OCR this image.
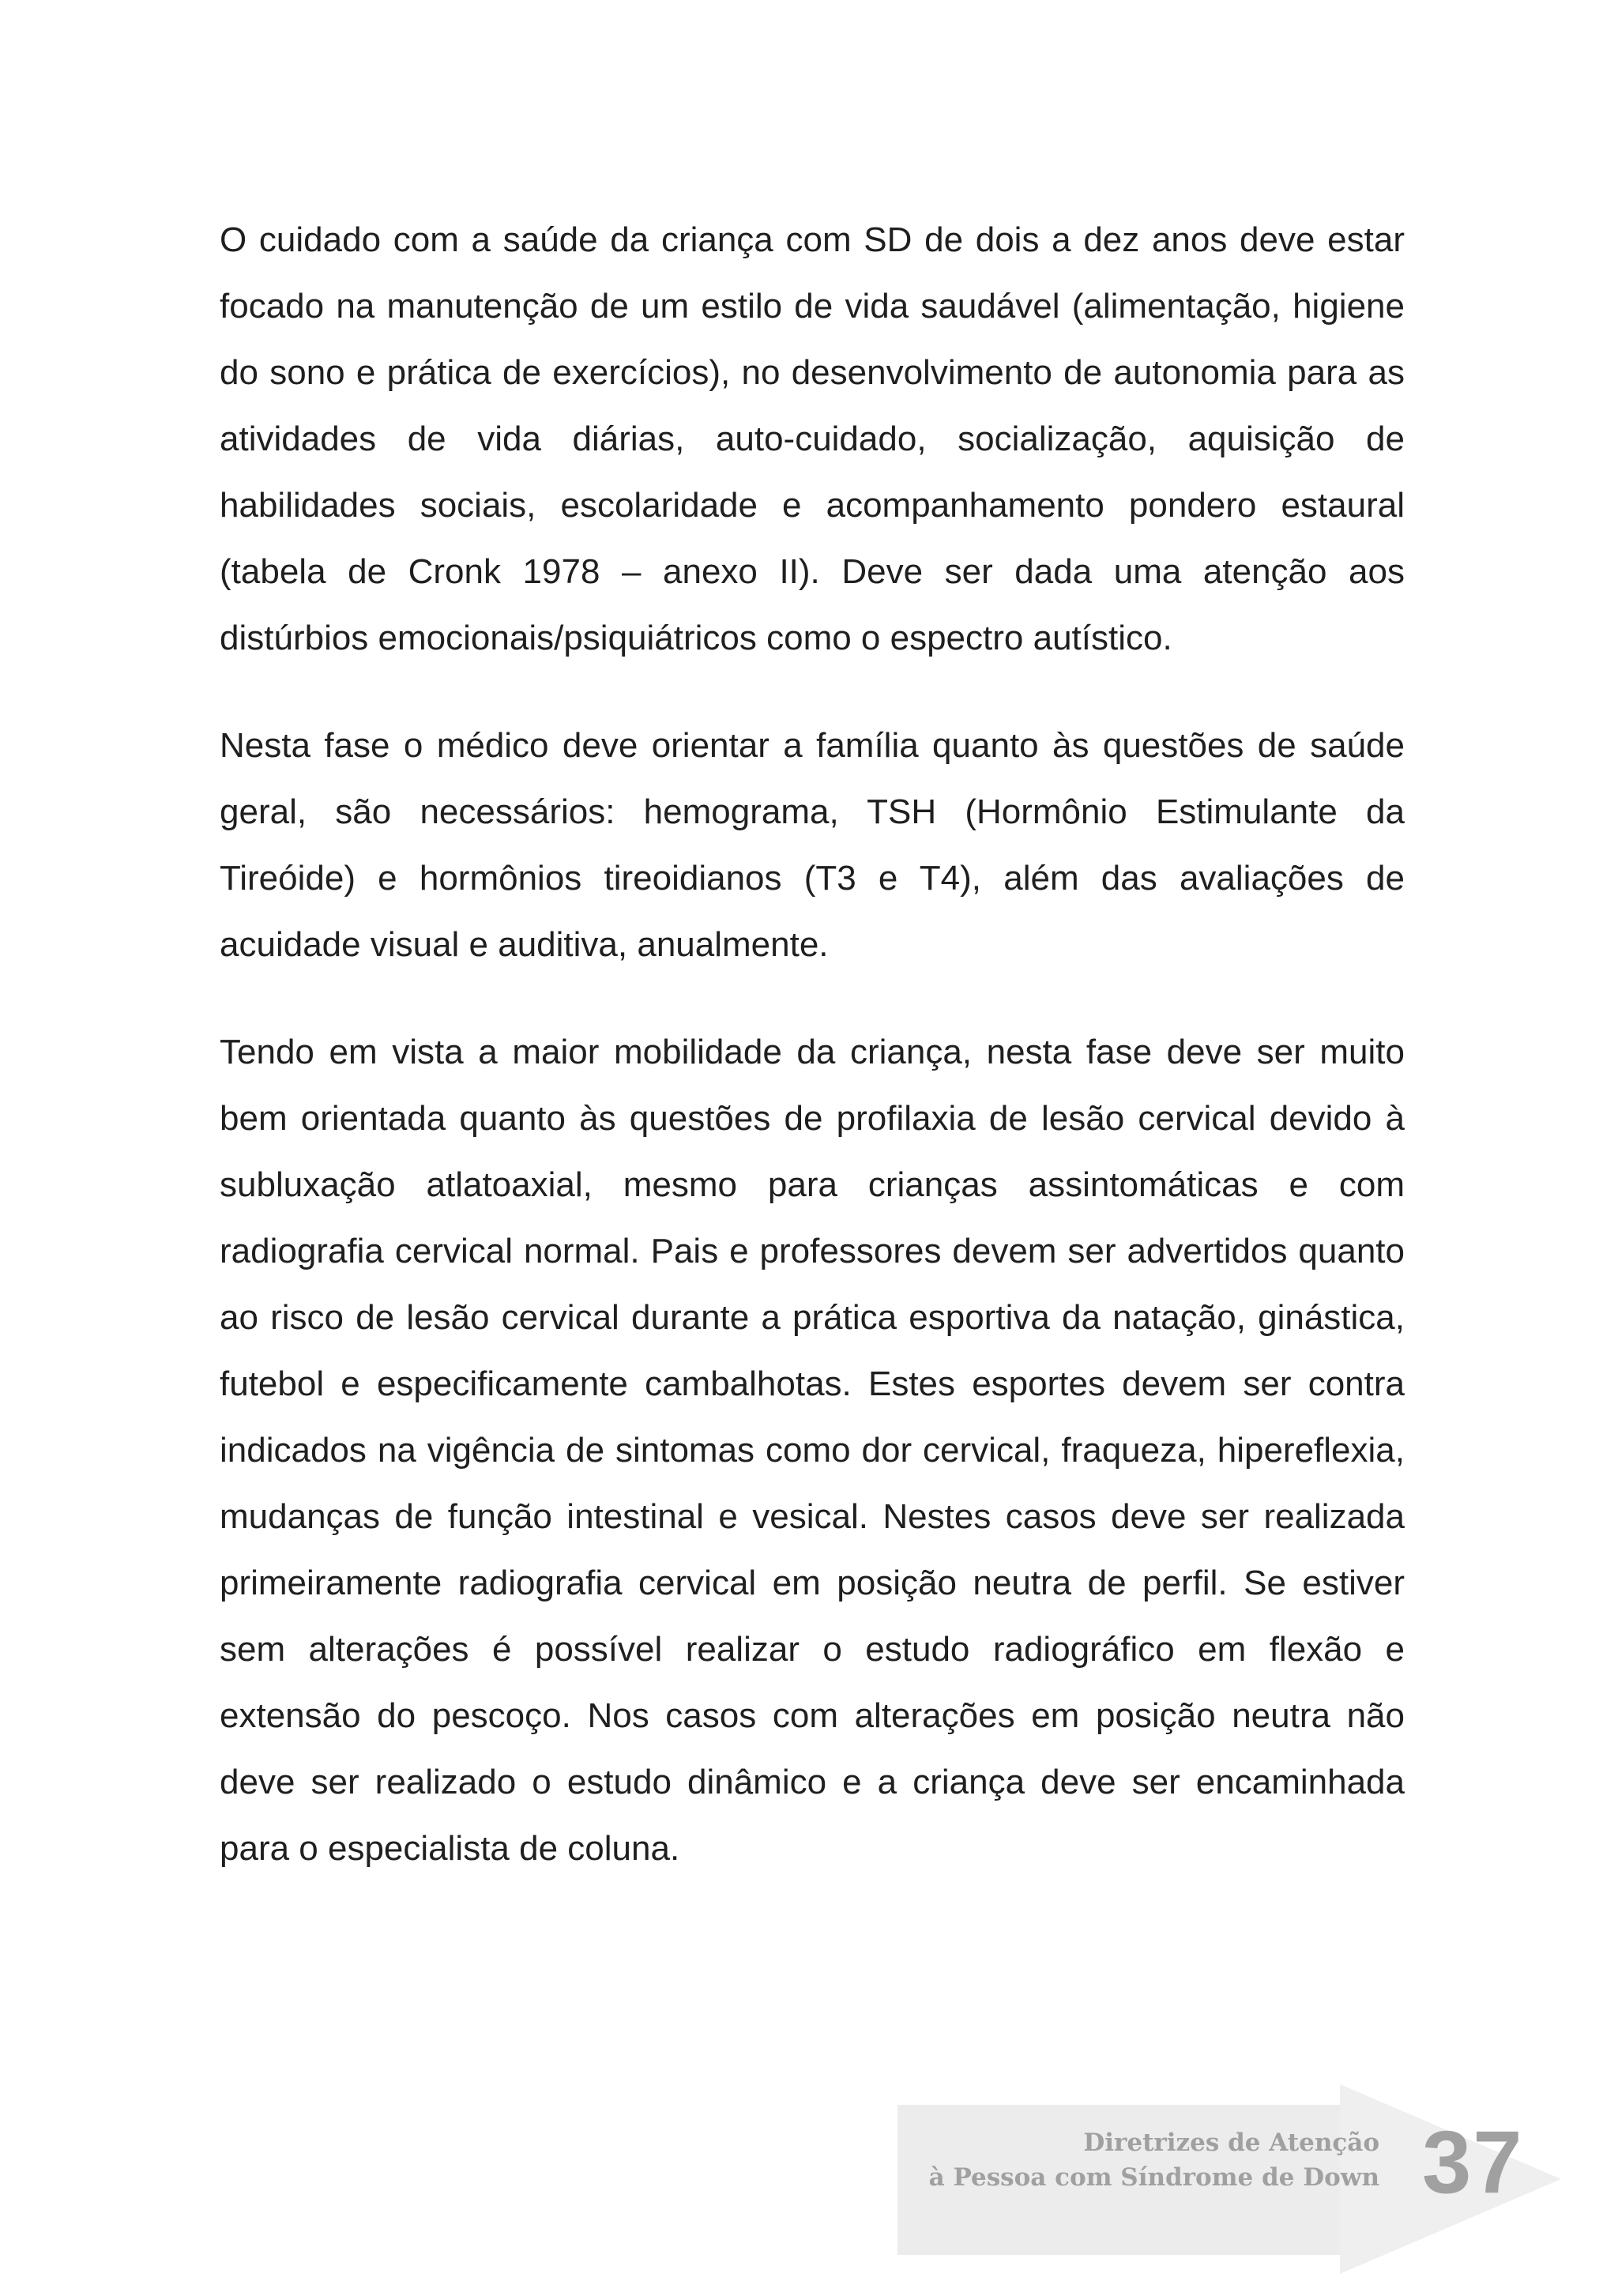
O cuidado com a saúde da criança com SD de dois a dez anos deve estar focado na manutenção de um estilo de vida saudável (alimentação, higiene do sono e prática de exercícios), no desenvolvimento de autonomia para as atividades de vida diárias, auto-cuidado, socialização, aquisição de habilidades sociais, escolaridade e acompanhamento pondero estaural (tabela de Cronk 1978 – anexo II). Deve ser dada uma atenção aos distúrbios emocionais/psiquiátricos como o espectro autístico.

Nesta fase o médico deve orientar a família quanto às questões de saúde geral, são necessários: hemograma, TSH (Hormônio Estimulante da Tireóide) e hormônios tireoidianos (T3 e T4), além das avaliações de acuidade visual e auditiva, anualmente.

Tendo em vista a maior mobilidade da criança, nesta fase deve ser muito bem orientada quanto às questões de profilaxia de lesão cervical devido à subluxação atlatoaxial, mesmo para crianças assintomáticas e com radiografia cervical normal. Pais e professores devem ser advertidos quanto ao risco de lesão cervical durante a prática esportiva da natação, ginástica, futebol e especificamente cambalhotas. Estes esportes devem ser contra indicados na vigência de sintomas como dor cervical, fraqueza, hipereflexia, mudanças de função intestinal e vesical. Nestes casos deve ser realizada primeiramente radiografia cervical em posição neutra de perfil. Se estiver sem alterações é possível realizar o estudo radiográfico em flexão e extensão do pescoço. Nos casos com alterações em posição neutra não deve ser realizado o estudo dinâmico e a criança deve ser encaminhada para o especialista de coluna.

Diretrizes de Atenção
à Pessoa com Síndrome de Down 37
